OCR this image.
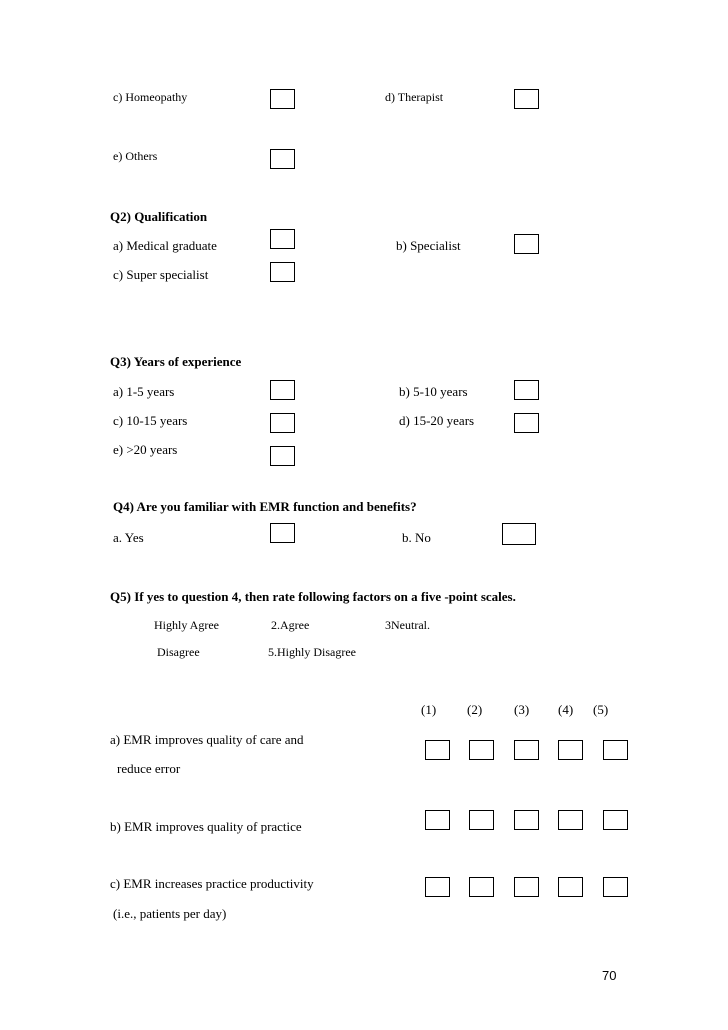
c) Homeopathy	d) Therapist
e) Others
Q2) Qualification
a) Medical graduate	b) Specialist
c) Super specialist
Q3) Years of experience
a) 1-5 years	b) 5-10 years
c) 10-15 years	d) 15-20 years
e) >20 years
Q4) Are you familiar with EMR function and benefits?
a. Yes	b. No
Q5) If yes to question 4, then rate following factors on a five -point scales.
Highly Agree	2.Agree	3Neutral.
Disagree	5.Highly Disagree
(1) (2) (3) (4) (5)
a) EMR improves quality of care and
reduce error
b) EMR improves quality of practice
c) EMR increases practice productivity
(i.e., patients per day)
70
